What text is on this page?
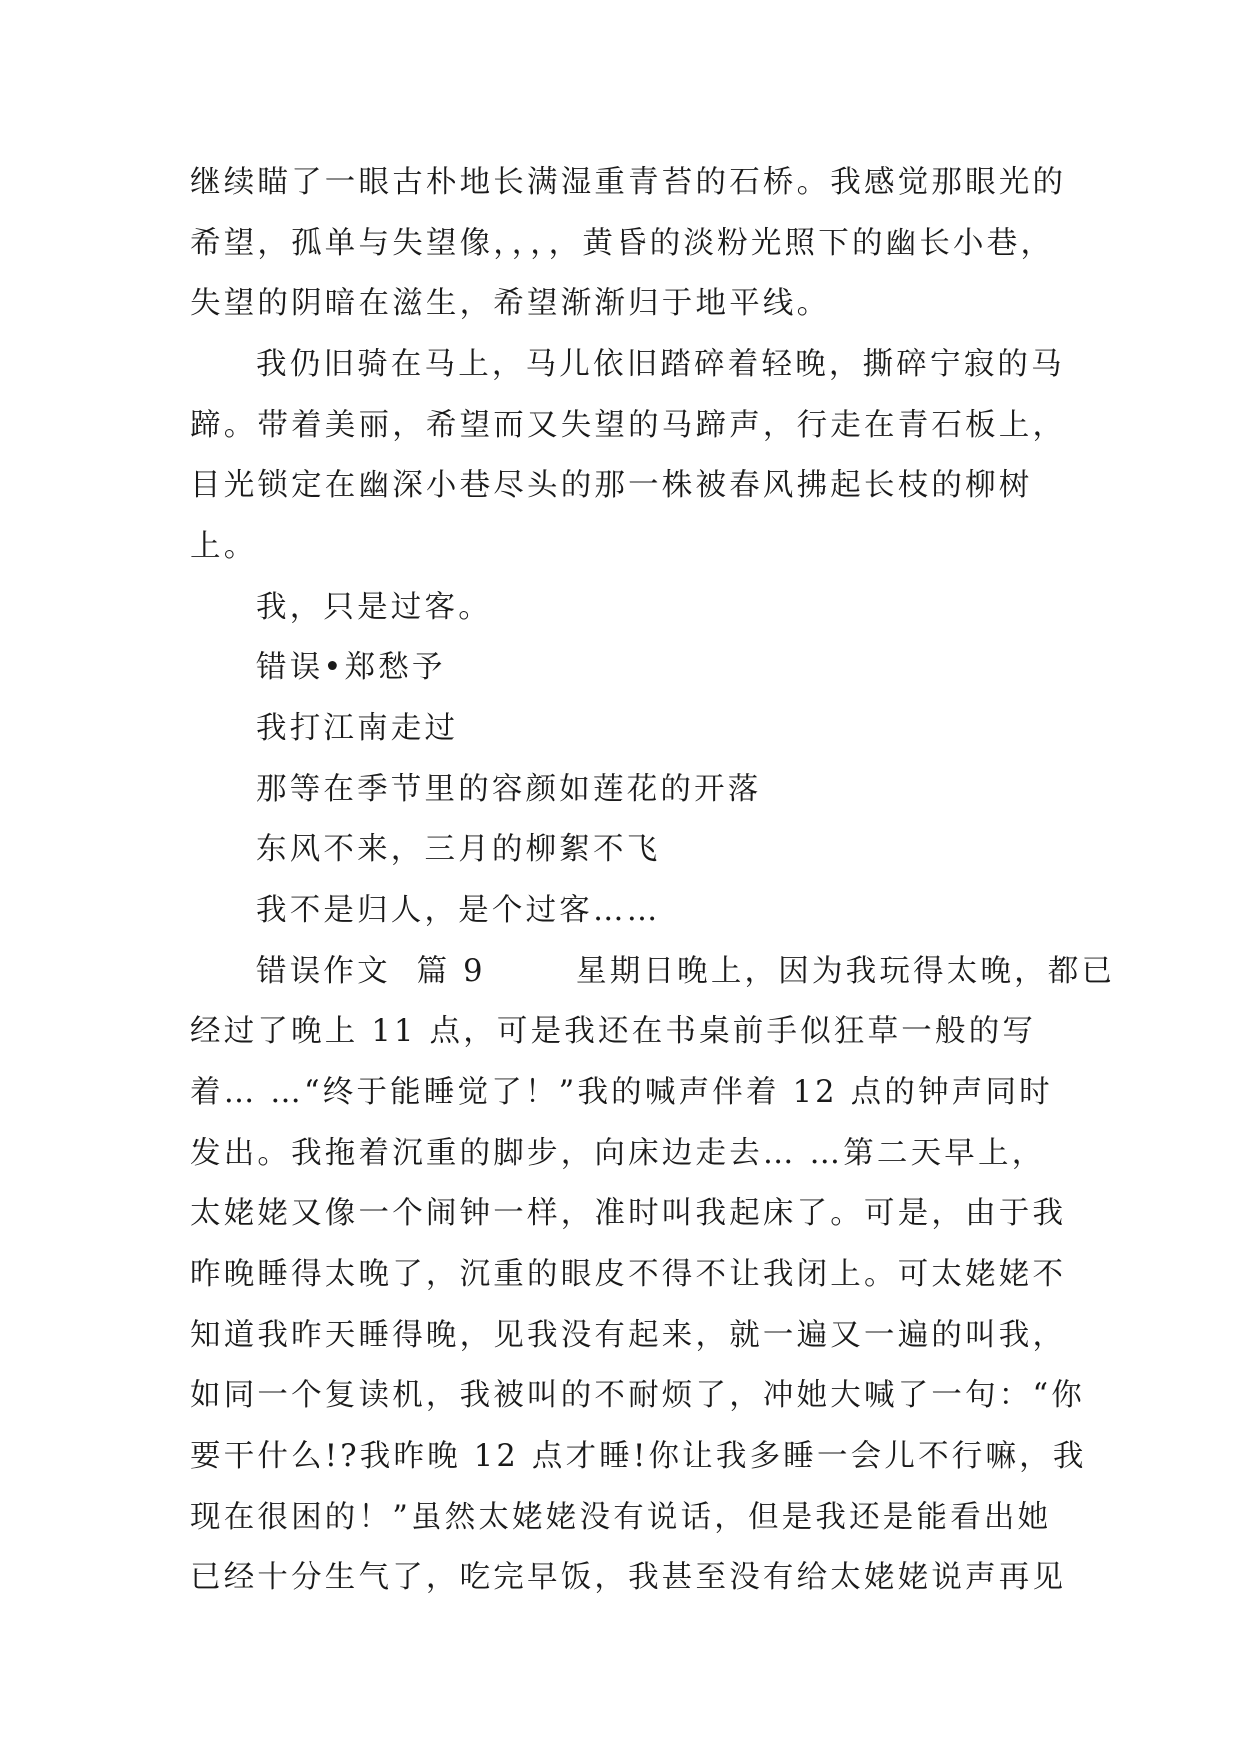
继续瞄了一眼古朴地长满湿重青苔的石桥。我感觉那眼光的
希望，孤单与失望像，，，，黄昏的淡粉光照下的幽长小巷，
失望的阴暗在滋生，希望渐渐归于地平线。
我仍旧骑在马上，马儿依旧踏碎着轻晚，撕碎宁寂的马
蹄。带着美丽，希望而又失望的马蹄声，行走在青石板上，
目光锁定在幽深小巷尽头的那一株被春风拂起长枝的柳树
上。
我，只是过客。
错误•郑愁予
我打江南走过
那等在季节里的容颜如莲花的开落
东风不来，三月的柳絮不飞
我不是归人，是个过客……
错误作文  篇 9       星期日晚上，因为我玩得太晚，都已
经过了晚上 11 点，可是我还在书桌前手似狂草一般的写
着… …“终于能睡觉了！”我的喊声伴着 12 点的钟声同时
发出。我拖着沉重的脚步，向床边走去… …第二天早上，
太姥姥又像一个闹钟一样，准时叫我起床了。可是，由于我
昨晚睡得太晚了，沉重的眼皮不得不让我闭上。可太姥姥不
知道我昨天睡得晚，见我没有起来，就一遍又一遍的叫我，
如同一个复读机，我被叫的不耐烦了，冲她大喊了一句：“你
要干什么!?我昨晚 12 点才睡!你让我多睡一会儿不行嘛，我
现在很困的！”虽然太姥姥没有说话，但是我还是能看出她
已经十分生气了，吃完早饭，我甚至没有给太姥姥说声再见
